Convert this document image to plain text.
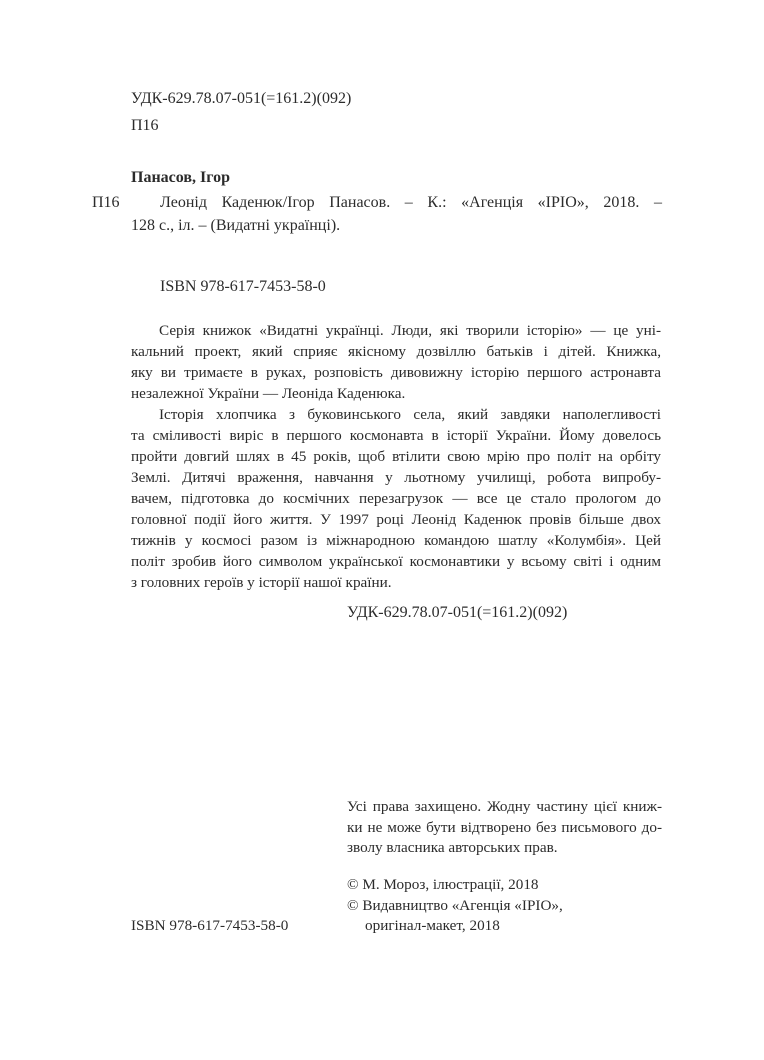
УДК-629.78.07-051(=161.2)(092)
П16
Панасов, Ігор
П16	Леонід Каденюк/Ігор Панасов. – К.: «Агенція «ІРІО», 2018. –
128 с., іл. – (Видатні українці).
ISBN 978-617-7453-58-0
Серія книжок «Видатні українці. Люди, які творили історію» — це уні-
кальний проект, який сприяє якісному дозвіллю батьків і дітей. Книжка,
яку ви тримаєте в руках, розповість дивовижну історію першого астронавта
незалежної України — Леоніда Каденюка.
Історія хлопчика з буковинського села, який завдяки наполегливості
та сміливості виріс в першого космонавта в історії України. Йому довелось
пройти довгий шлях в 45 років, щоб втілити свою мрію про політ на орбіту
Землі. Дитячі враження, навчання у льотному училищі, робота випробу-
вачем, підготовка до космічних перезагрузок — все це стало прологом до
головної події його життя. У 1997 році Леонід Каденюк провів більше двох
тижнів у космосі разом із міжнародною командою шатлу «Колумбія». Цей
політ зробив його символом української космонавтики у всьому світі і одним
з головних героїв у історії нашої країни.
УДК-629.78.07-051(=161.2)(092)
Усі права захищено. Жодну частину цієї книж-
ки не може бути відтворено без письмового до-
зволу власника авторських прав.
© М. Мороз, ілюстрації, 2018
© Видавництво «Агенція «ІРІО»,
оригінал-макет, 2018
ISBN 978-617-7453-58-0
